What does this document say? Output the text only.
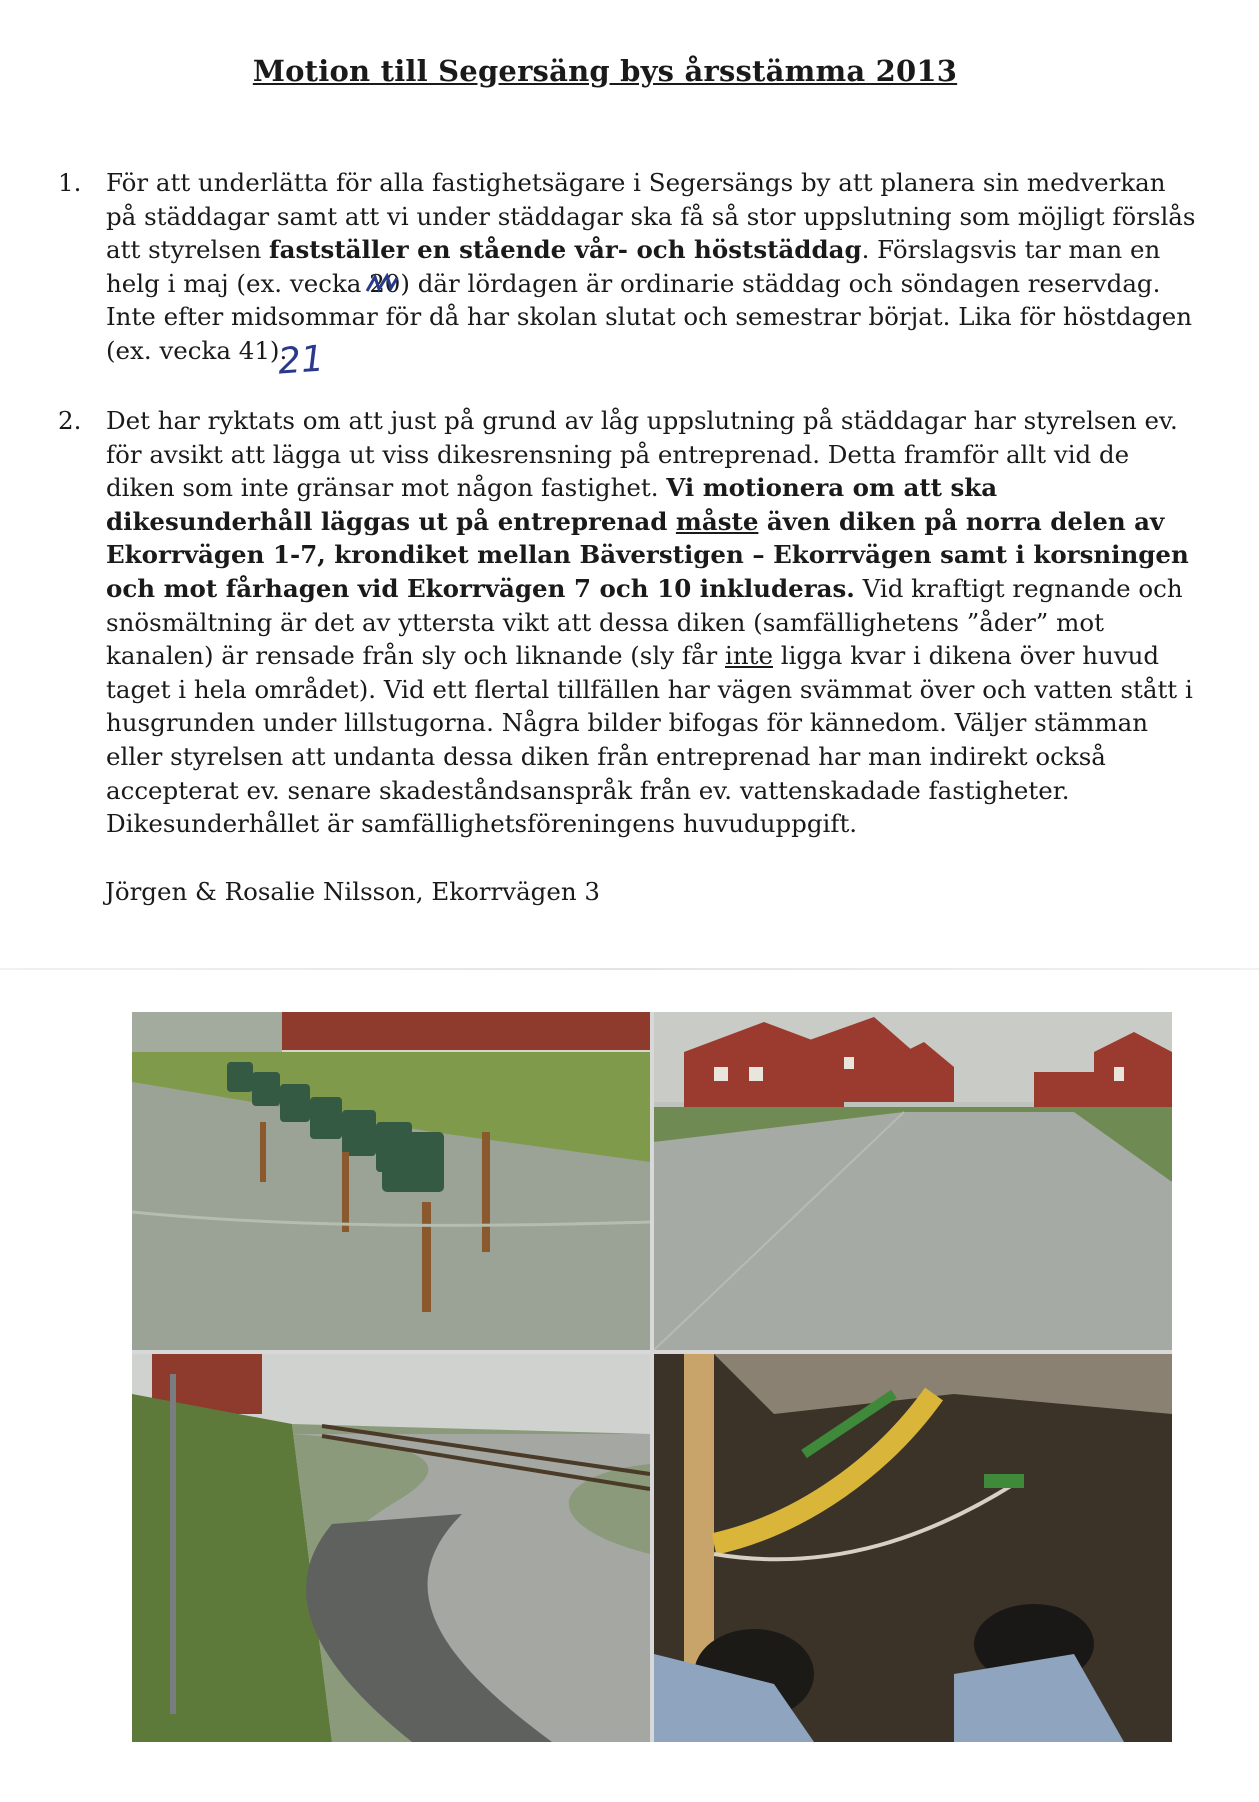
Motion till Segersäng bys årsstämma 2013
1. För att underlätta för alla fastighetsägare i Segersängs by att planera sin medverkan på städdagar samt att vi under städdagar ska få så stor uppslutning som möjligt förslås att styrelsen fastställer en stående vår- och höststäddag. Förslagsvis tar man en helg i maj (ex. vecka 20
) där lördagen är ordinarie städdag och söndagen reservdag. Inte efter midsommar för då har skolan slutat och semestrar börjat. Lika för höstdagen (ex. vecka 41).
21
2. Det har ryktats om att just på grund av låg uppslutning på städdagar har styrelsen ev. för avsikt att lägga ut viss dikesrensning på entreprenad. Detta framför allt vid de diken som inte gränsar mot någon fastighet. Vi motionera om att ska dikesunderhåll läggas ut på entreprenad måste även diken på norra delen av Ekorrvägen 1-7, krondiket mellan Bäverstigen – Ekorrvägen samt i korsningen och mot fårhagen vid Ekorrvägen 7 och 10 inkluderas. Vid kraftigt regnande och snösmältning är det av yttersta vikt att dessa diken (samfällighetens ”åder” mot kanalen) är rensade från sly och liknande (sly får inte ligga kvar i dikena över huvud taget i hela området). Vid ett flertal tillfällen har vägen svämmat över och vatten stått i husgrunden under lillstugorna. Några bilder bifogas för kännedom. Väljer stämman eller styrelsen att undanta dessa diken från entreprenad har man indirekt också accepterat ev. senare skadeståndsanspråk från ev. vattenskadade fastigheter. Dikesunderhållet är samfällighetsföreningens huvuduppgift.
Jörgen & Rosalie Nilsson, Ekorrvägen 3
